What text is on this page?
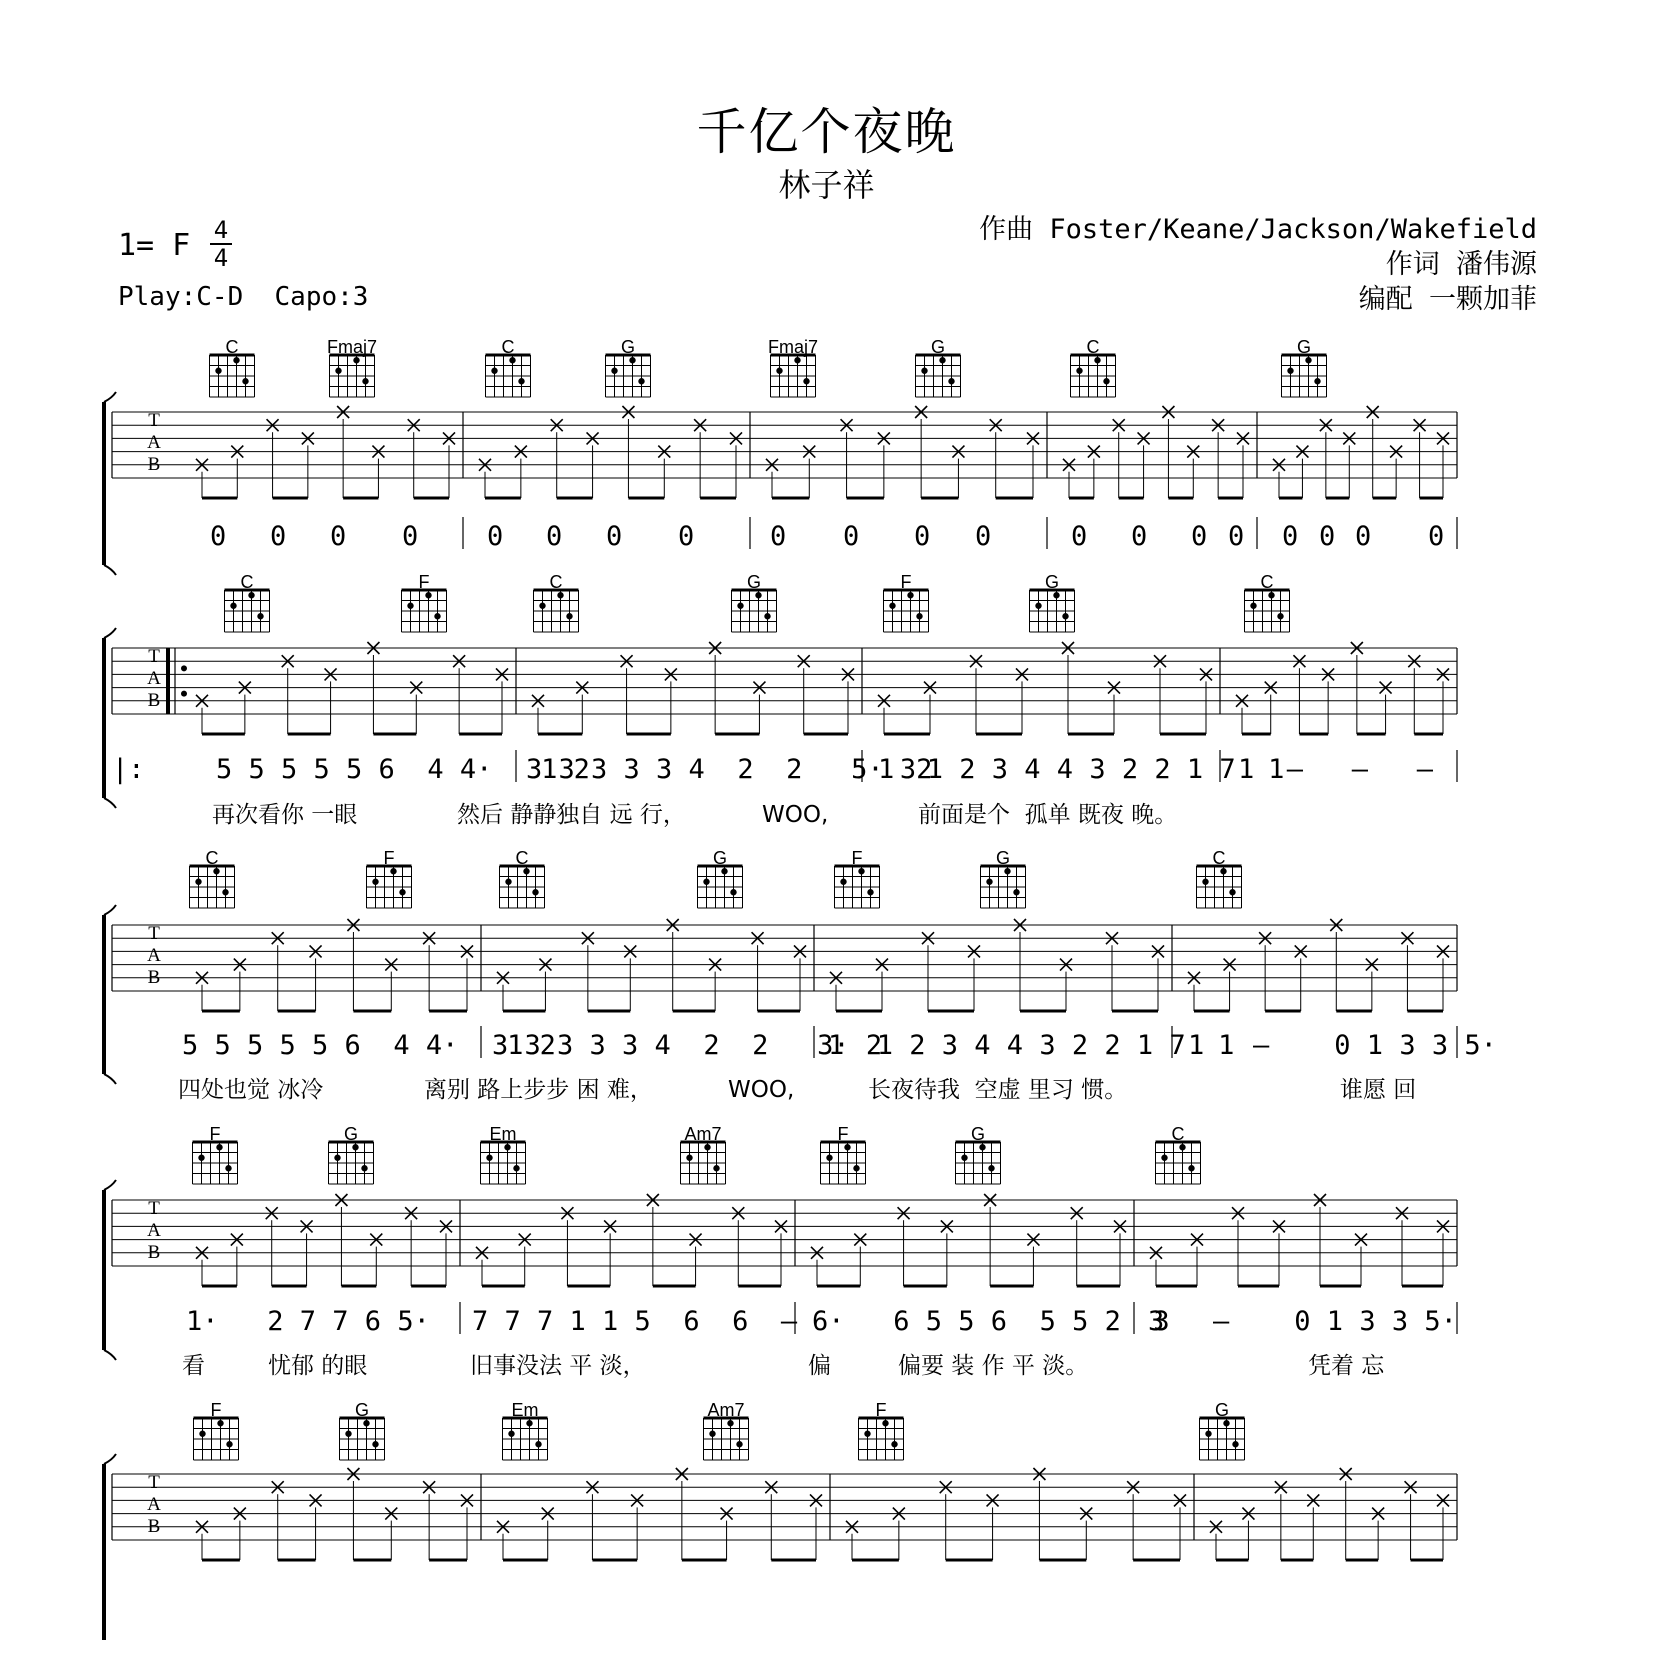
千亿个夜晚
林子祥
1= F 4
4
Play:C-D  Capo:3
作曲 Foster/Keane/Jackson/Wakefield
作词 潘伟源
编配 一颗加菲
C	Fmaj7	C	G	Fmaj7	G	C	G
T
A
B
0 0 0 0	0 0 0 0	0 0 0 0	0 0 0 0 0 0 0 0
C	F	C	G	F	G	C
T
A
B
|:	5 5 5 5 5 6  4 4·   1 2
3 3 3 3 3 4  2  2   5· 32
1  1 2 3 4 4 3 2 2 1 7  1
1  —   —   —
再次看你 一眼	然后 静静独自 远 行，	WOO,	前面是个  孤单 既夜 晚。
C	F	C	G	F	G	C
T
A
B
5 5 5 5 5 6  4 4·   1 2
3 3 3 3 3 4  2  2   3· 2
1  1 2 3 4 4 3 2 2 1 7  1
1   —    0 1 3 3 5·
四处也觉 冰冷	离别 路上步步 困 难，	WOO,	长夜待我  空虚 里习 惯。	谁愿 回
F	G	Em	Am7	F	G	C
T
A
B
1·   2 7 7 6 5· 7 7 7 1 1 5  6  6  — 6·   6 5 5 6  5 5 2  3
3   —    0 1 3 3 5·
看	忧郁 的眼	旧事没法 平 淡，	偏	偏要 装 作 平 淡。	凭着 忘
F	G	Em	Am7	F	G
T
A
B
